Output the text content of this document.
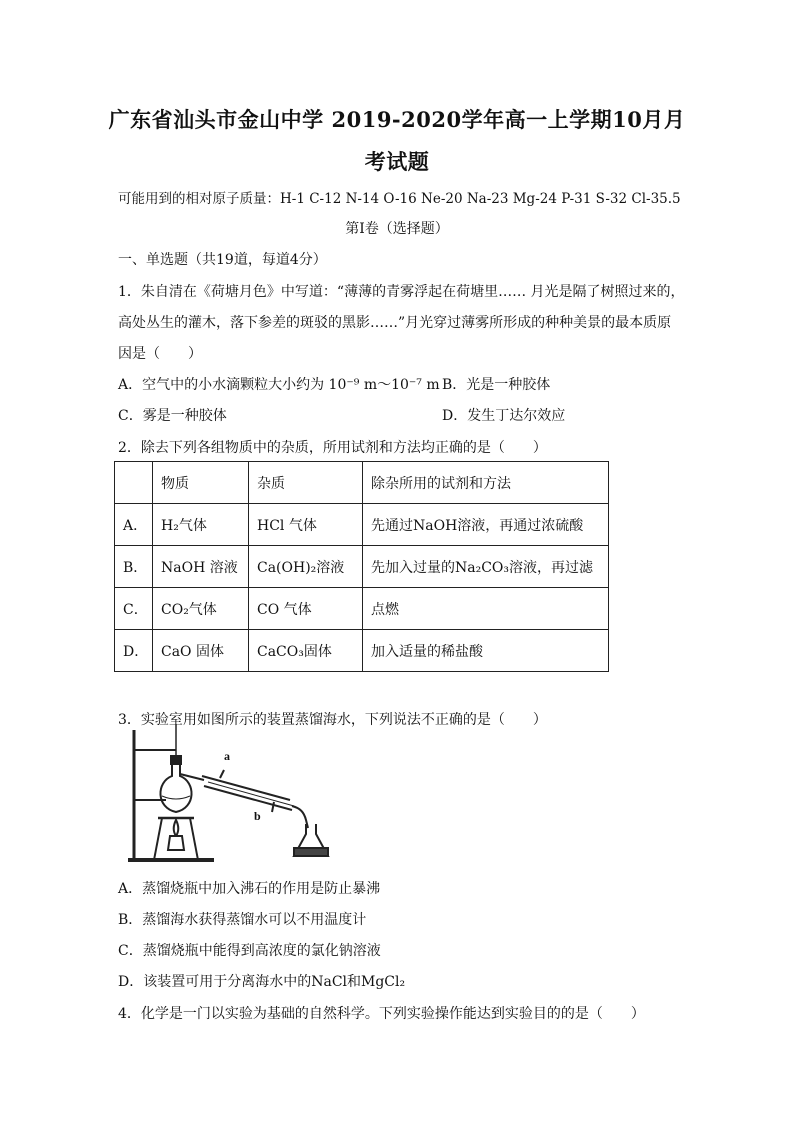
广东省汕头市金山中学 2019-2020学年高一上学期10月月
考试题
可能用到的相对原子质量：H-1 C-12 N-14 O-16 Ne-20 Na-23 Mg-24 P-31 S-32 Cl-35.5
第Ⅰ卷（选择题）
一、单选题（共19道，每道4分）
1．朱自清在《荷塘月色》中写道：“薄薄的青雾浮起在荷塘里…… 月光是隔了树照过来的，
高处丛生的灌木，落下参差的斑驳的黑影……”月光穿过薄雾所形成的种种美景的最本质原
因是（　　）
A．空气中的小水滴颗粒大小约为 10⁻⁹ m～10⁻⁷ m B．光是一种胶体
C．雾是一种胶体	D．发生丁达尔效应
2．除去下列各组物质中的杂质，所用试剂和方法均正确的是（　　）
	物质	杂质	除杂所用的试剂和方法
A．	H₂气体	HCl 气体	先通过NaOH溶液，再通过浓硫酸
B．	NaOH 溶液	Ca(OH)₂溶液	先加入过量的Na₂CO₃溶液，再过滤
C．	CO₂气体	CO 气体	点燃
D．	CaO 固体	CaCO₃固体	加入适量的稀盐酸
3．实验室用如图所示的装置蒸馏海水，下列说法不正确的是（　　）
a
b
A．蒸馏烧瓶中加入沸石的作用是防止暴沸
B．蒸馏海水获得蒸馏水可以不用温度计
C．蒸馏烧瓶中能得到高浓度的氯化钠溶液
D．该装置可用于分离海水中的NaCl和MgCl₂
4．化学是一门以实验为基础的自然科学。下列实验操作能达到实验目的的是（　　）
